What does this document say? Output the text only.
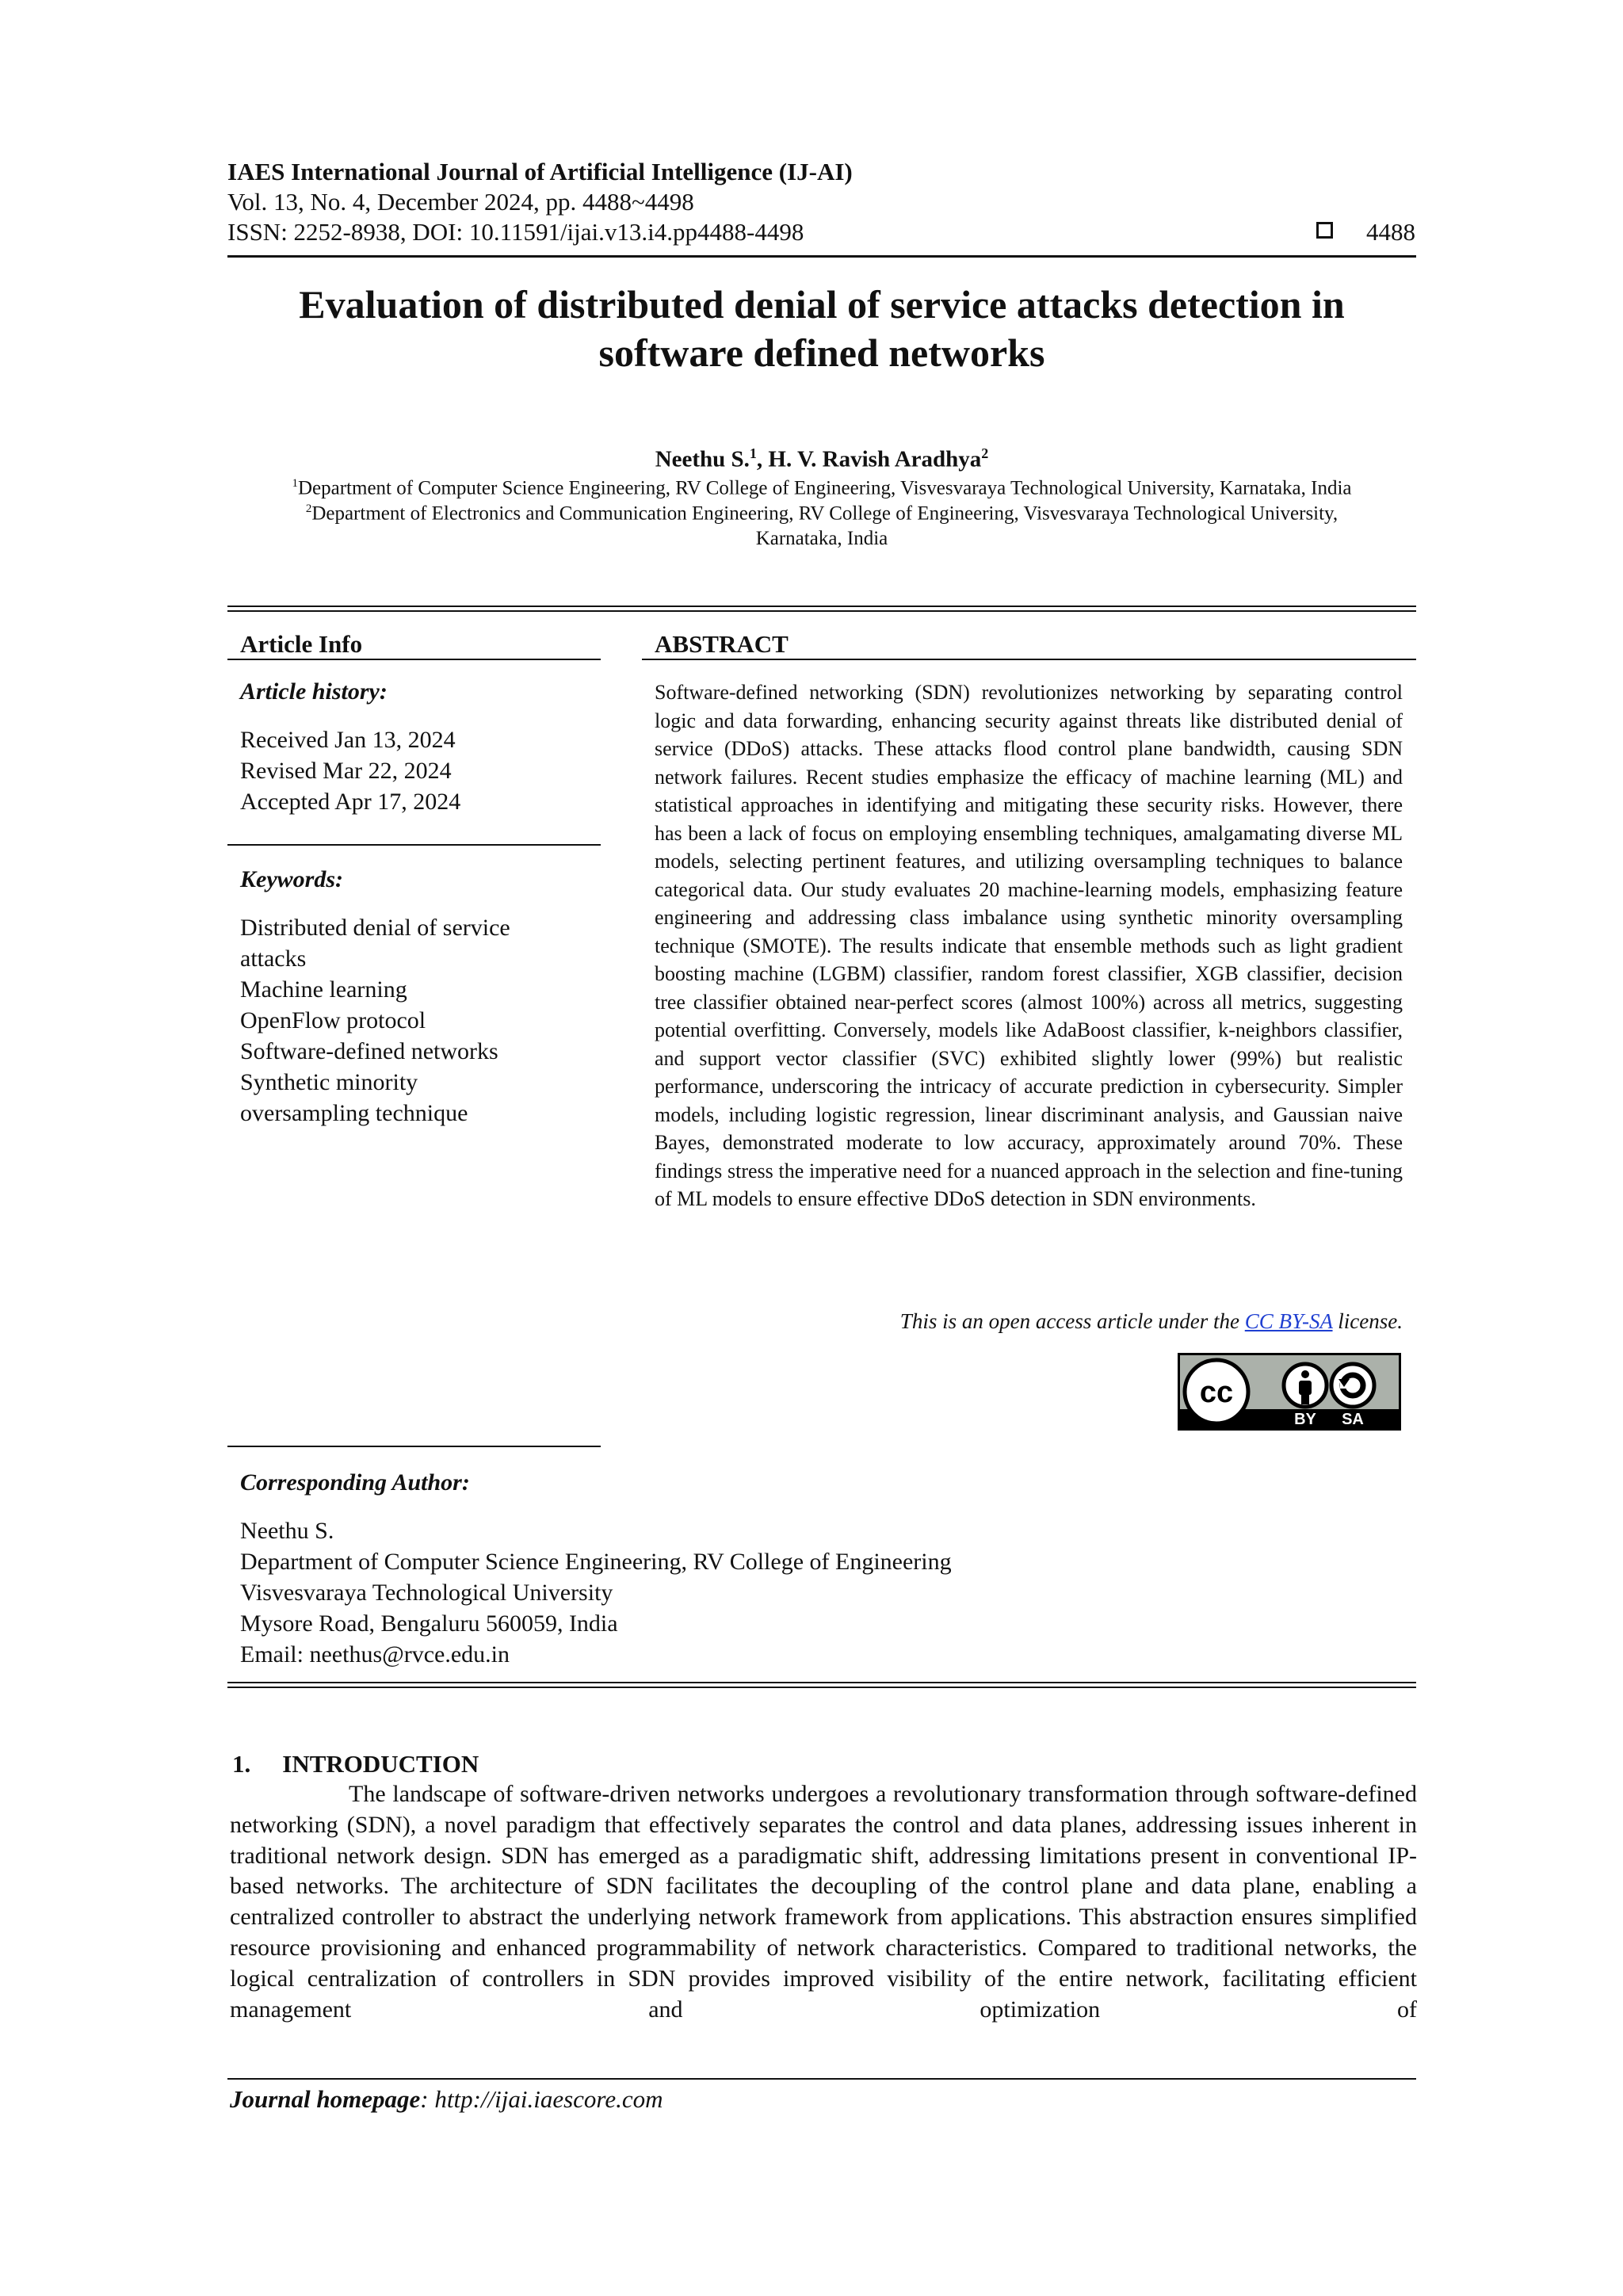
IAES International Journal of Artificial Intelligence (IJ-AI)
Vol. 13, No. 4, December 2024, pp. 4488~4498
ISSN: 2252-8938, DOI: 10.11591/ijai.v13.i4.pp4488-4498	4488
Evaluation of distributed denial of service attacks detection in
software defined networks
Neethu S.$^1$, H. V. Ravish Aradhya$^2$
$^1$Department of Computer Science Engineering, RV College of Engineering, Visvesvaraya Technological University, Karnataka, India
$^2$Department of Electronics and Communication Engineering, RV College of Engineering, Visvesvaraya Technological University,
Karnataka, India
Article Info
Article history:
Received Jan 13, 2024
Revised Mar 22, 2024
Accepted Apr 17, 2024
Keywords:
Distributed denial of service
attacks
Machine learning
OpenFlow protocol
Software-defined networks
Synthetic minority
oversampling technique
ABSTRACT
Software-defined networking (SDN) revolutionizes networking by separating control logic and data forwarding, enhancing security against threats like distributed denial of service (DDoS) attacks. These attacks flood control plane bandwidth, causing SDN network failures. Recent studies emphasize the efficacy of machine learning (ML) and statistical approaches in identifying and mitigating these security risks. However, there has been a lack of focus on employing ensembling techniques, amalgamating diverse ML models, selecting pertinent features, and utilizing oversampling techniques to balance categorical data. Our study evaluates 20 machine-learning models, emphasizing feature engineering and addressing class imbalance using synthetic minority oversampling technique (SMOTE). The results indicate that ensemble methods such as light gradient boosting machine (LGBM) classifier, random forest classifier, XGB classifier, decision tree classifier obtained near-perfect scores (almost 100%) across all metrics, suggesting potential overfitting. Conversely, models like AdaBoost classifier, k-neighbors classifier, and support vector classifier (SVC) exhibited slightly lower (99%) but realistic performance, underscoring the intricacy of accurate prediction in cybersecurity. Simpler models, including logistic regression, linear discriminant analysis, and Gaussian naive Bayes, demonstrated moderate to low accuracy, approximately around 70%. These findings stress the imperative need for a nuanced approach in the selection and fine-tuning of ML models to ensure effective DDoS detection in SDN environments.
This is an open access article under the CC BY-SA license.
cc
BY SA
Corresponding Author:
Neethu S.
Department of Computer Science Engineering, RV College of Engineering
Visvesvaraya Technological University
Mysore Road, Bengaluru 560059, India
Email: neethus@rvce.edu.in
1. INTRODUCTION
The landscape of software-driven networks undergoes a revolutionary transformation through software-defined networking (SDN), a novel paradigm that effectively separates the control and data planes, addressing issues inherent in traditional network design. SDN has emerged as a paradigmatic shift, addressing limitations present in conventional IP-based networks. The architecture of SDN facilitates the decoupling of the control plane and data plane, enabling a centralized controller to abstract the underlying network framework from applications. This abstraction ensures simplified resource provisioning and enhanced programmability of network characteristics. Compared to traditional networks, the logical centralization of controllers in SDN provides improved visibility of the entire network, facilitating efficient management and optimization of
Journal homepage: http://ijai.iaescore.com
